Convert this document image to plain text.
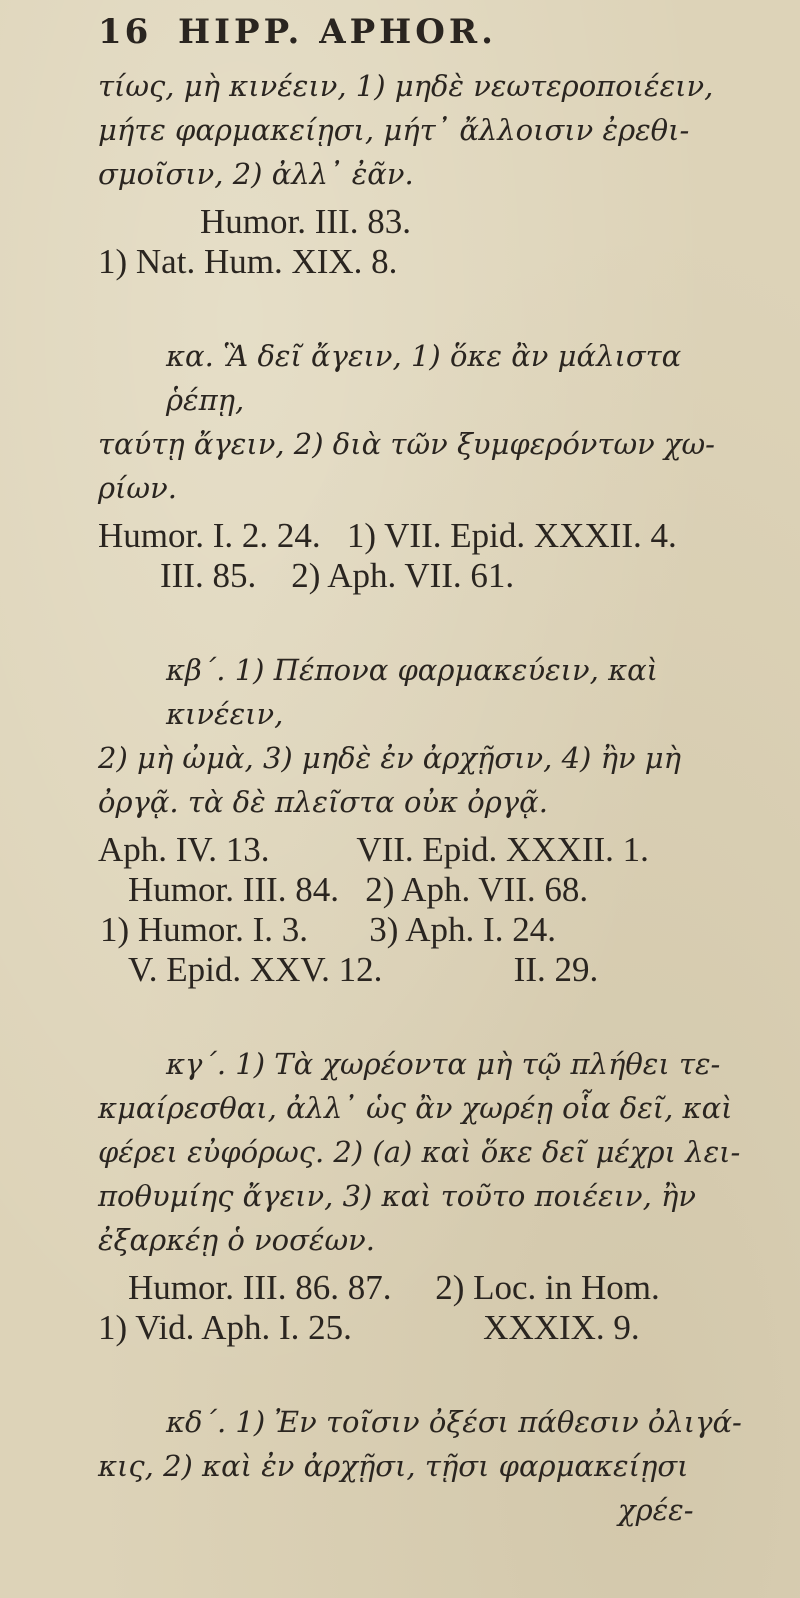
16 HIPP. APHOR.

τίως, μὴ κινέειν, 1) μηδὲ νεωτεροποιέειν,

μήτε φαρμακείῃσι, μήτ᾽ ἄλλοισιν ἐρεθι-

σμοῖσιν, 2) ἀλλ᾽ ἐᾶν.

Humor. III. 83.

1) Nat. Hum. XIX. 8.

κα. Ἃ δεῖ ἄγειν, 1) ὅκε ἂν μάλιστα ῥέπῃ,

ταύτῃ ἄγειν, 2) διὰ τῶν ξυμφερόντων χω-

ρίων.

Humor. I. 2. 24.   1) VII. Epid. XXXII. 4.

III. 85.    2) Aph. VII. 61.

κβ΄. 1) Πέπονα φαρμακεύειν, καὶ κινέειν,

2) μὴ ὠμὰ, 3) μηδὲ ἐν ἀρχῇσιν, 4) ἢν μὴ

ὀργᾷ. τὰ δὲ πλεῖστα οὐκ ὀργᾷ.

Aph. IV. 13.          VII. Epid. XXXII. 1.

Humor. III. 84.   2) Aph. VII. 68.

1) Humor. I. 3.       3) Aph. I. 24.

V. Epid. XXV. 12.               II. 29.

κγ΄. 1) Τὰ χωρέοντα μὴ τῷ πλήθει τε-

κμαίρεσθαι, ἀλλ᾽ ὡς ἂν χωρέῃ οἷα δεῖ, καὶ

φέρει εὐφόρως. 2) (a) καὶ ὅκε δεῖ μέχρι λει-

ποθυμίης ἄγειν, 3) καὶ τοῦτο ποιέειν, ἢν

ἐξαρκέῃ ὁ νοσέων.

Humor. III. 86. 87.     2) Loc. in Hom.

1) Vid. Aph. I. 25.               XXXIX. 9.

κδ΄. 1) Ἐν τοῖσιν ὀξέσι πάθεσιν ὀλιγά-

κις, 2) καὶ ἐν ἀρχῇσι, τῇσι φαρμακείῃσι

χρέε-
